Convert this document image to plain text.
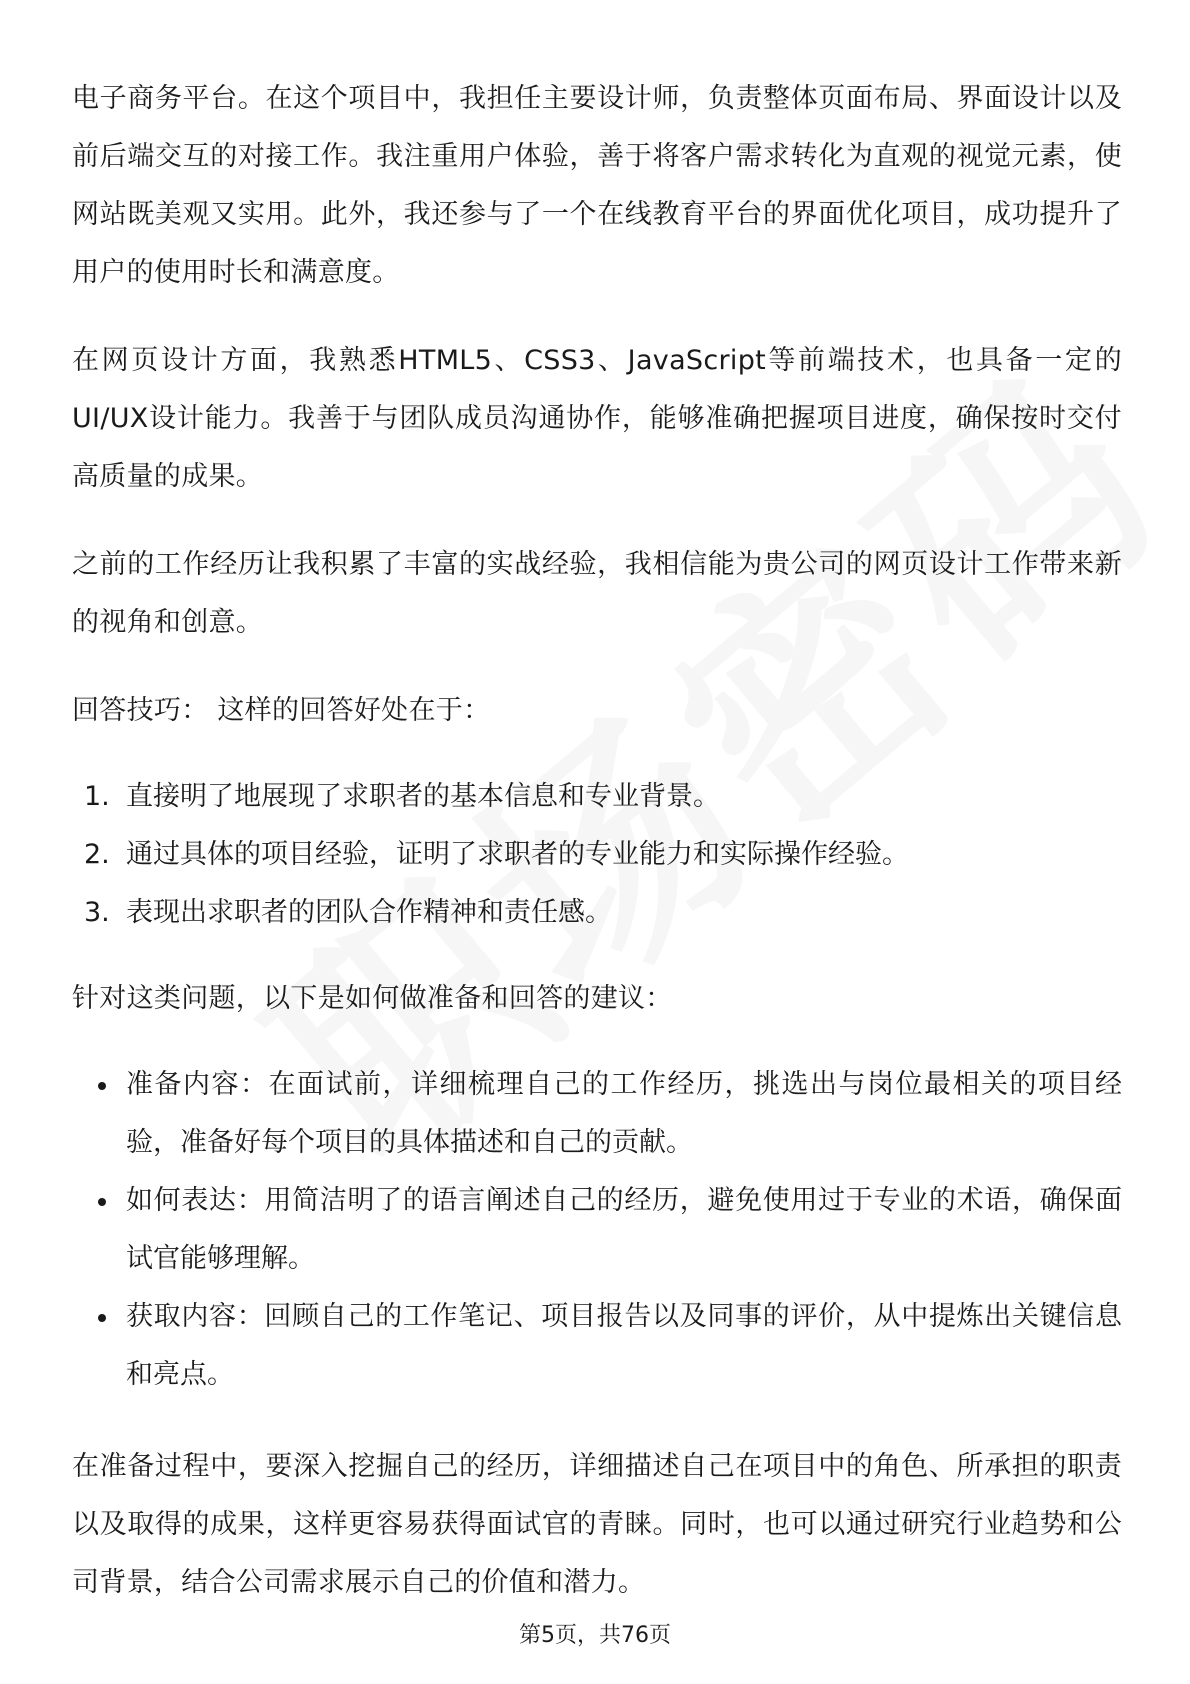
电子商务平台。在这个项目中，我担任主要设计师，负责整体页面布局、界面设计以及前后端交互的对接工作。我注重用户体验，善于将客户需求转化为直观的视觉元素，使网站既美观又实用。此外，我还参与了一个在线教育平台的界面优化项目，成功提升了用户的使用时长和满意度。

在网页设计方面，我熟悉HTML5、CSS3、JavaScript等前端技术，也具备一定的UI/UX设计能力。我善于与团队成员沟通协作，能够准确把握项目进度，确保按时交付高质量的成果。

之前的工作经历让我积累了丰富的实战经验，我相信能为贵公司的网页设计工作带来新的视角和创意。

回答技巧： 这样的回答好处在于：

1. 直接明了地展现了求职者的基本信息和专业背景。
2. 通过具体的项目经验，证明了求职者的专业能力和实际操作经验。
3. 表现出求职者的团队合作精神和责任感。

针对这类问题，以下是如何做准备和回答的建议：

准备内容：在面试前，详细梳理自己的工作经历，挑选出与岗位最相关的项目经验，准备好每个项目的具体描述和自己的贡献。
如何表达：用简洁明了的语言阐述自己的经历，避免使用过于专业的术语，确保面试官能够理解。
获取内容：回顾自己的工作笔记、项目报告以及同事的评价，从中提炼出关键信息和亮点。

在准备过程中，要深入挖掘自己的经历，详细描述自己在项目中的角色、所承担的职责以及取得的成果，这样更容易获得面试官的青睐。同时，也可以通过研究行业趋势和公司背景，结合公司需求展示自己的价值和潜力。

第5页，共76页
